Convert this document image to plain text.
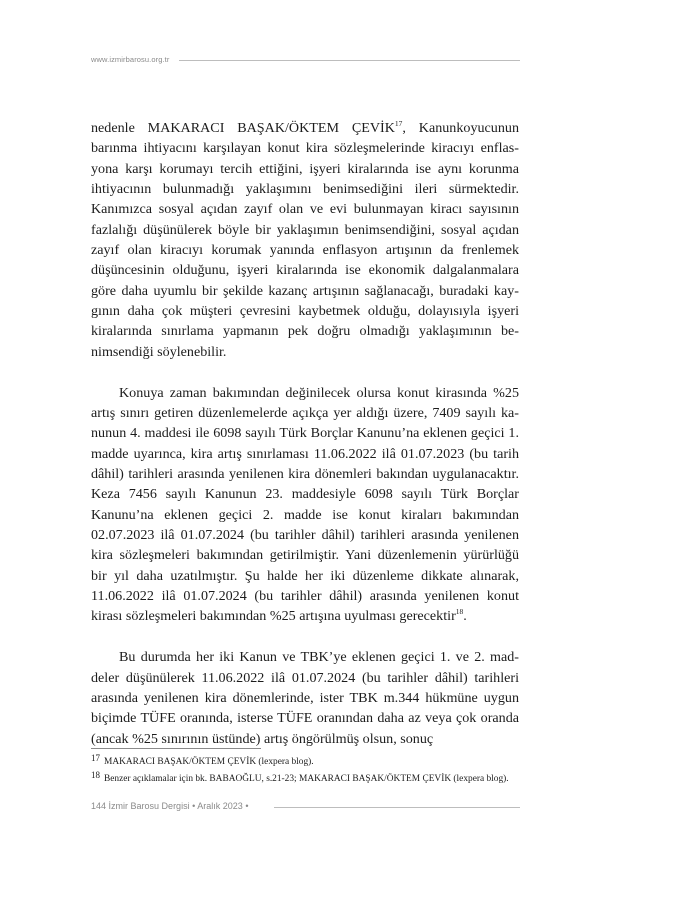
www.izmirbarosu.org.tr

nedenle MAKARACI BAŞAK/ÖKTEM ÇEVİK$^{17}$, Kanunkoyucunun barınma ihtiyacını karşılayan konut kira sözleşmelerinde kiracıyı enflasyona karşı korumayı tercih ettiğini, işyeri kiralarında ise aynı korunma ihtiyacının bulunmadığı yaklaşımını benimsediğini ileri sürmektedir. Kanımızca sosyal açıdan zayıf olan ve evi bulunmayan kiracı sayısının fazlalığı düşünülerek böyle bir yaklaşımın benimsendiğini, sosyal açıdan zayıf olan kiracıyı korumak yanında enflasyon artışının da frenlemek düşüncesinin olduğunu, işyeri kiralarında ise ekonomik dalgalanmalara göre daha uyumlu bir şekilde kazanç artışının sağlanacağı, buradaki kaygının daha çok müşteri çevresini kaybetmek olduğu, dolayısıyla işyeri kiralarında sınırlama yapmanın pek doğru olmadığı yaklaşımının benimsendiği söylenebilir.

Konuya zaman bakımından değinilecek olursa konut kirasında %25 artış sınırı getiren düzenlemelerde açıkça yer aldığı üzere, 7409 sayılı kanunun 4. maddesi ile 6098 sayılı Türk Borçlar Kanunu’na eklenen geçici 1. madde uyarınca, kira artış sınırlaması 11.06.2022 ilâ 01.07.2023 (bu tarih dâhil) tarihleri arasında yenilenen kira dönemleri bakından uygulanacaktır. Keza 7456 sayılı Kanunun 23. maddesiyle 6098 sayılı Türk Borçlar Kanunu’na eklenen geçici 2. madde ise konut kiraları bakımından 02.07.2023 ilâ 01.07.2024 (bu tarihler dâhil) tarihleri arasında yenilenen kira sözleşmeleri bakımından getirilmiştir. Yani düzenlemenin yürürlüğü bir yıl daha uzatılmıştır. Şu halde her iki düzenleme dikkate alınarak, 11.06.2022 ilâ 01.07.2024 (bu tarihler dâhil) arasında yenilenen konut kirası sözleşmeleri bakımından %25 artışına uyulması gerecektir$^{18}$.

Bu durumda her iki Kanun ve TBK’ye eklenen geçici 1. ve 2. maddeler düşünülerek 11.06.2022 ilâ 01.07.2024 (bu tarihler dâhil) tarihleri arasında yenilenen kira dönemlerinde, ister TBK m.344 hükmüne uygun biçimde TÜFE oranında, isterse TÜFE oranından daha az veya çok oranda (ancak %25 sınırının üstünde) artış öngörülmüş olsun, sonuç

17 MAKARACI BAŞAK/ÖKTEM ÇEVİK (lexpera blog).
18 Benzer açıklamalar için bk. BABAOĞLU, s.21-23; MAKARACI BAŞAK/ÖKTEM ÇEVİK (lexpera blog).
144 İzmir Barosu Dergisi • Aralık 2023 •
